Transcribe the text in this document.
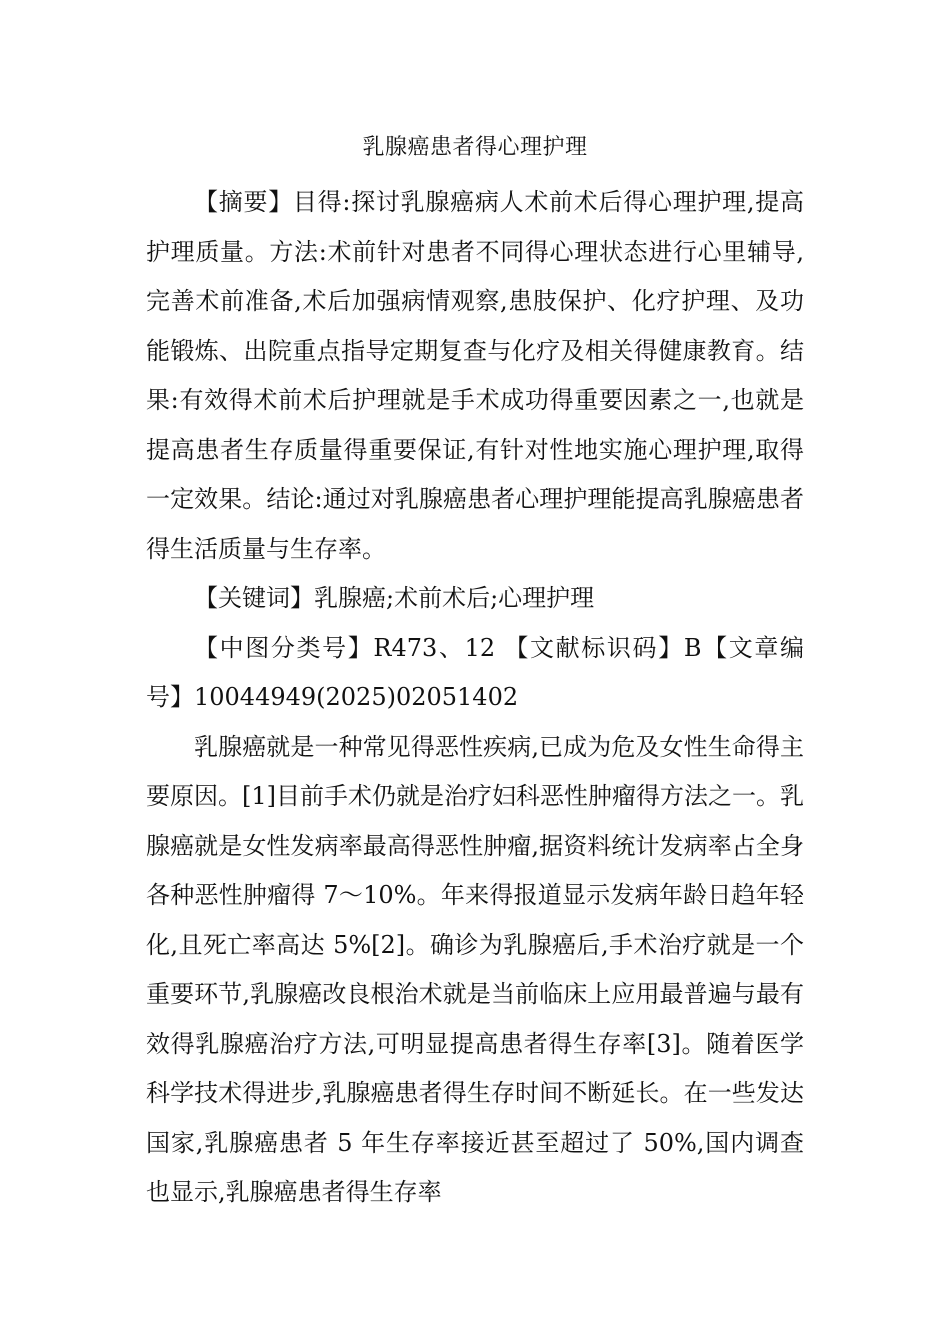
乳腺癌患者得心理护理

【摘要】目得:探讨乳腺癌病人术前术后得心理护理,提高护理质量。方法:术前针对患者不同得心理状态进行心里辅导,完善术前准备,术后加强病情观察,患肢保护、化疗护理、及功能锻炼、出院重点指导定期复查与化疗及相关得健康教育。结果:有效得术前术后护理就是手术成功得重要因素之一,也就是提高患者生存质量得重要保证,有针对性地实施心理护理,取得一定效果。结论:通过对乳腺癌患者心理护理能提高乳腺癌患者得生活质量与生存率。

【关键词】乳腺癌;术前术后;心理护理

【中图分类号】R473、12 【文献标识码】B【文章编号】10044949(2025)02051402

乳腺癌就是一种常见得恶性疾病,已成为危及女性生命得主要原因。[1]目前手术仍就是治疗妇科恶性肿瘤得方法之一。乳腺癌就是女性发病率最高得恶性肿瘤,据资料统计发病率占全身各种恶性肿瘤得 7～10%。年来得报道显示发病年龄日趋年轻化,且死亡率高达 5%[2]。确诊为乳腺癌后,手术治疗就是一个重要环节,乳腺癌改良根治术就是当前临床上应用最普遍与最有效得乳腺癌治疗方法,可明显提高患者得生存率[3]。随着医学科学技术得进步,乳腺癌患者得生存时间不断延长。在一些发达国家,乳腺癌患者 5 年生存率接近甚至超过了 50%,国内调查也显示,乳腺癌患者得生存率
